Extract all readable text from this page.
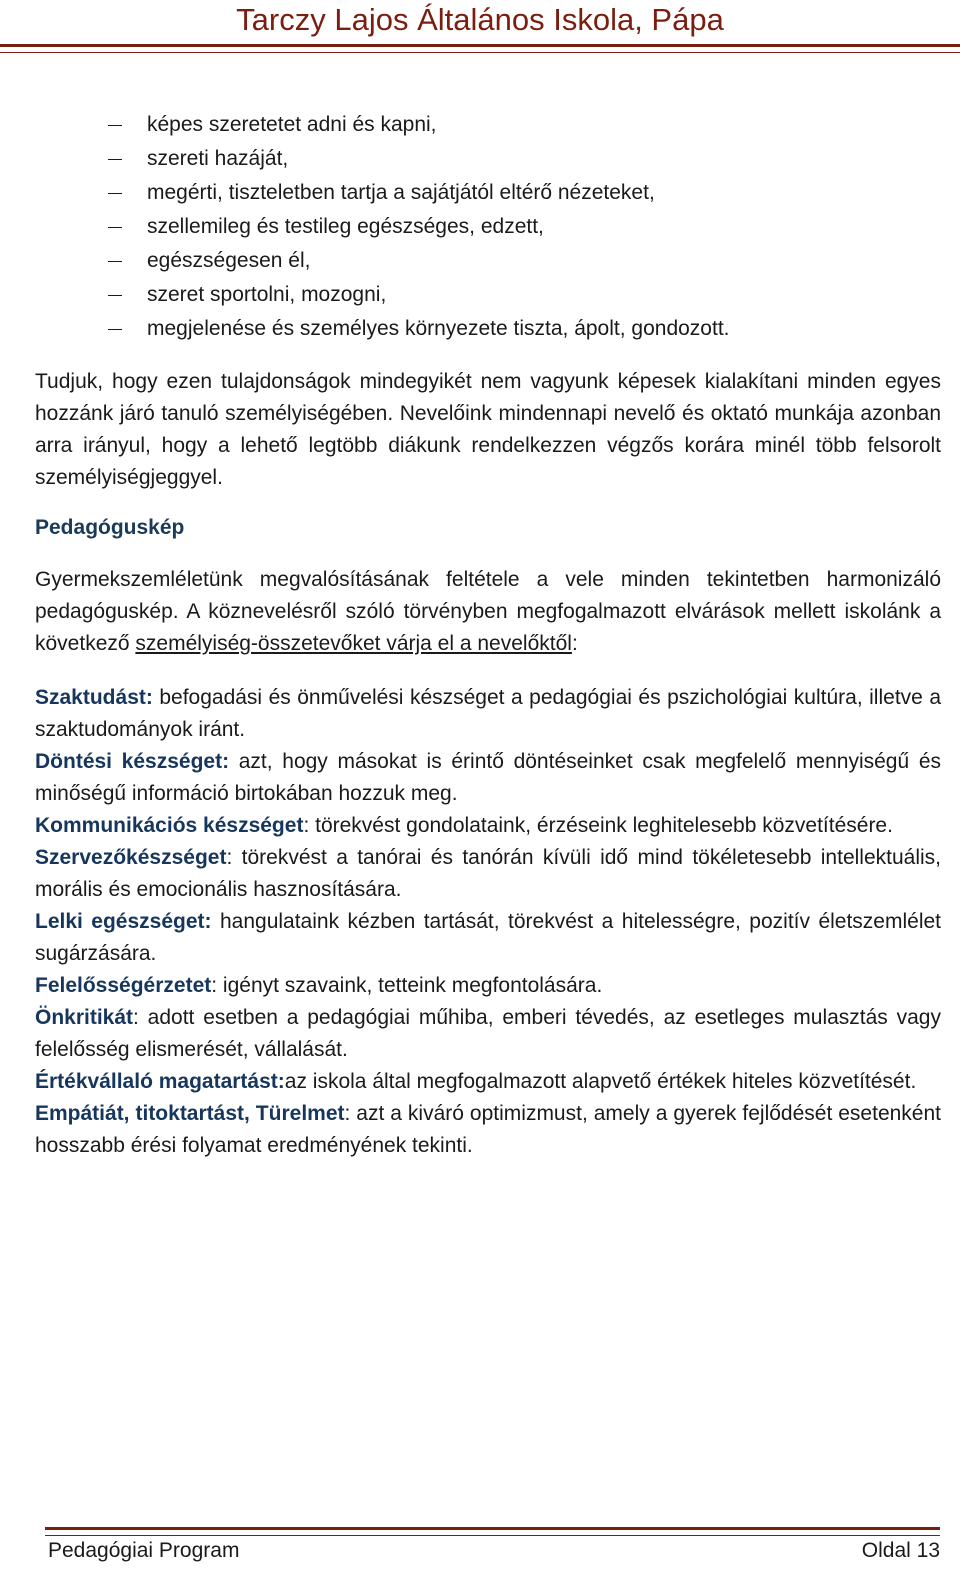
Tarczy Lajos Általános Iskola, Pápa
képes szeretetet adni és kapni,
szereti hazáját,
megérti, tiszteletben tartja a sajátjától eltérő nézeteket,
szellemileg és testileg egészséges, edzett,
egészségesen él,
szeret sportolni, mozogni,
megjelenése és személyes környezete tiszta, ápolt, gondozott.

Tudjuk, hogy ezen tulajdonságok mindegyikét nem vagyunk képesek kialakítani minden egyes hozzánk járó tanuló személyiségében. Nevelőink mindennapi nevelő és oktató munkája azonban arra irányul, hogy a lehető legtöbb diákunk rendelkezzen végzős korára minél több felsorolt személyiségjeggyel.

Pedagóguskép

Gyermekszemléletünk megvalósításának feltétele a vele minden tekintetben harmonizáló pedagóguskép. A köznevelésről szóló törvényben megfogalmazott elvárások mellett iskolánk a következő személyiség-összetevőket várja el a nevelőktől:

Szaktudást: befogadási és önművelési készséget a pedagógiai és pszichológiai kultúra, illetve a szaktudományok iránt.

Döntési készséget: azt, hogy másokat is érintő döntéseinket csak megfelelő mennyiségű és minőségű információ birtokában hozzuk meg.

Kommunikációs készséget: törekvést gondolataink, érzéseink leghitelesebb közvetítésére.

Szervezőkészséget: törekvést a tanórai és tanórán kívüli idő mind tökéletesebb intellektuális, morális és emocionális hasznosítására.

Lelki egészséget: hangulataink kézben tartását, törekvést a hitelességre, pozitív életszemlélet sugárzására.

Felelősségérzetet: igényt szavaink, tetteink megfontolására.

Önkritikát: adott esetben a pedagógiai műhiba, emberi tévedés, az esetleges mulasztás vagy felelősség elismerését, vállalását.

Értékvállaló magatartást:az iskola által megfogalmazott alapvető értékek hiteles közvetítését.

Empátiát, titoktartást, Türelmet: azt a kiváró optimizmust, amely a gyerek fejlődését esetenként hosszabb érési folyamat eredményének tekinti.

Pedagógiai Program	Oldal 13
